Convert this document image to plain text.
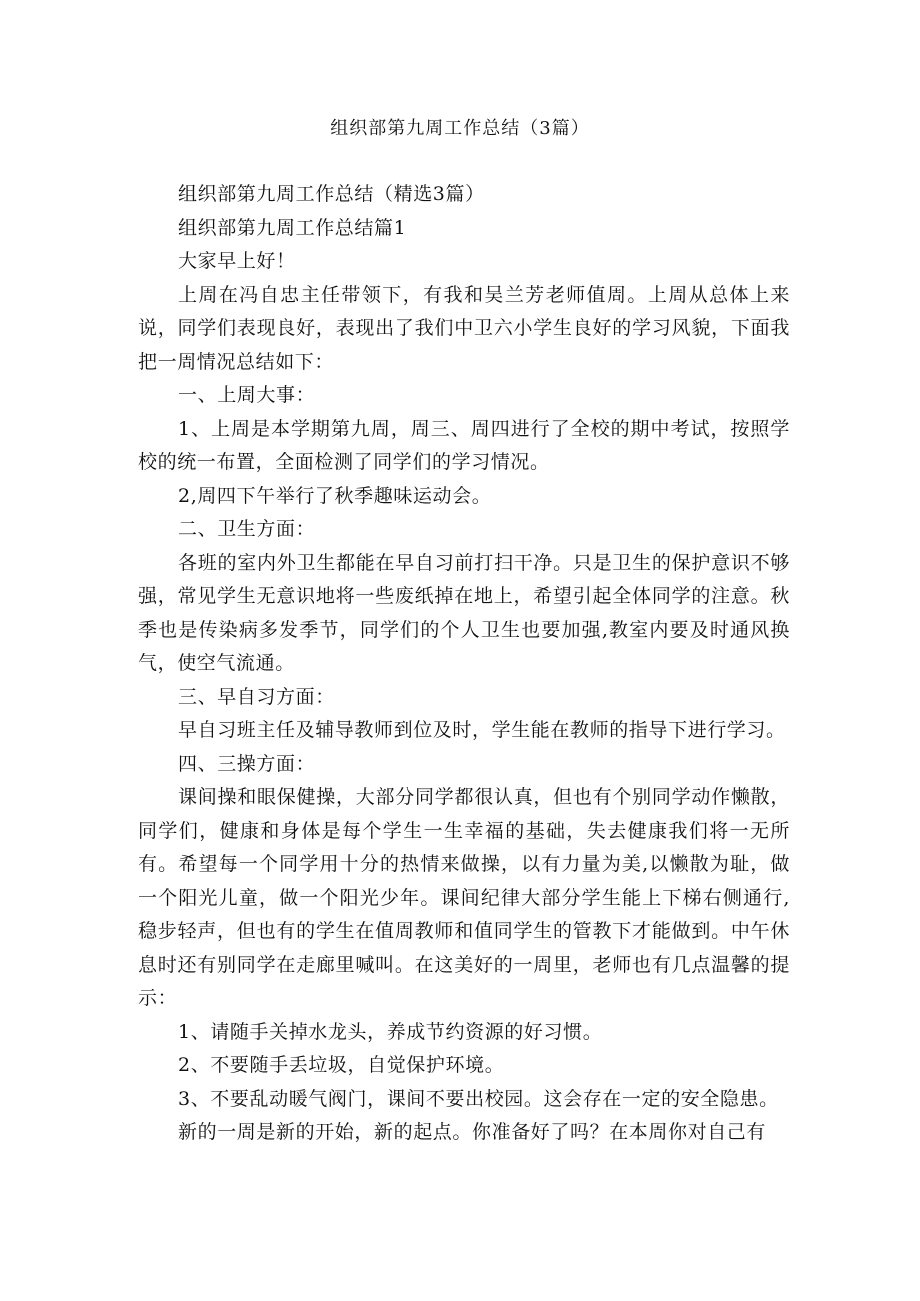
组织部第九周工作总结（3篇）

组织部第九周工作总结（精选3篇）

组织部第九周工作总结篇1

大家早上好！

上周在冯自忠主任带领下，有我和吴兰芳老师值周。上周从总体上来说，同学们表现良好，表现出了我们中卫六小学生良好的学习风貌，下面我把一周情况总结如下：

一、上周大事：

1、上周是本学期第九周，周三、周四进行了全校的期中考试，按照学校的统一布置，全面检测了同学们的学习情况。

2,周四下午举行了秋季趣味运动会。

二、卫生方面：

各班的室内外卫生都能在早自习前打扫干净。只是卫生的保护意识不够强，常见学生无意识地将一些废纸掉在地上，希望引起全体同学的注意。秋季也是传染病多发季节，同学们的个人卫生也要加强,教室内要及时通风换气，使空气流通。

三、早自习方面：

早自习班主任及辅导教师到位及时，学生能在教师的指导下进行学习。

四、三操方面：

课间操和眼保健操，大部分同学都很认真，但也有个别同学动作懒散，同学们，健康和身体是每个学生一生幸福的基础，失去健康我们将一无所有。希望每一个同学用十分的热情来做操，以有力量为美,以懒散为耻，做一个阳光儿童，做一个阳光少年。课间纪律大部分学生能上下梯右侧通行,稳步轻声，但也有的学生在值周教师和值同学生的管教下才能做到。中午休息时还有别同学在走廊里喊叫。在这美好的一周里，老师也有几点温馨的提示：

1、请随手关掉水龙头，养成节约资源的好习惯。

2、不要随手丢垃圾，自觉保护环境。

3、不要乱动暖气阀门，课间不要出校园。这会存在一定的安全隐患。

新的一周是新的开始，新的起点。你准备好了吗？在本周你对自己有
